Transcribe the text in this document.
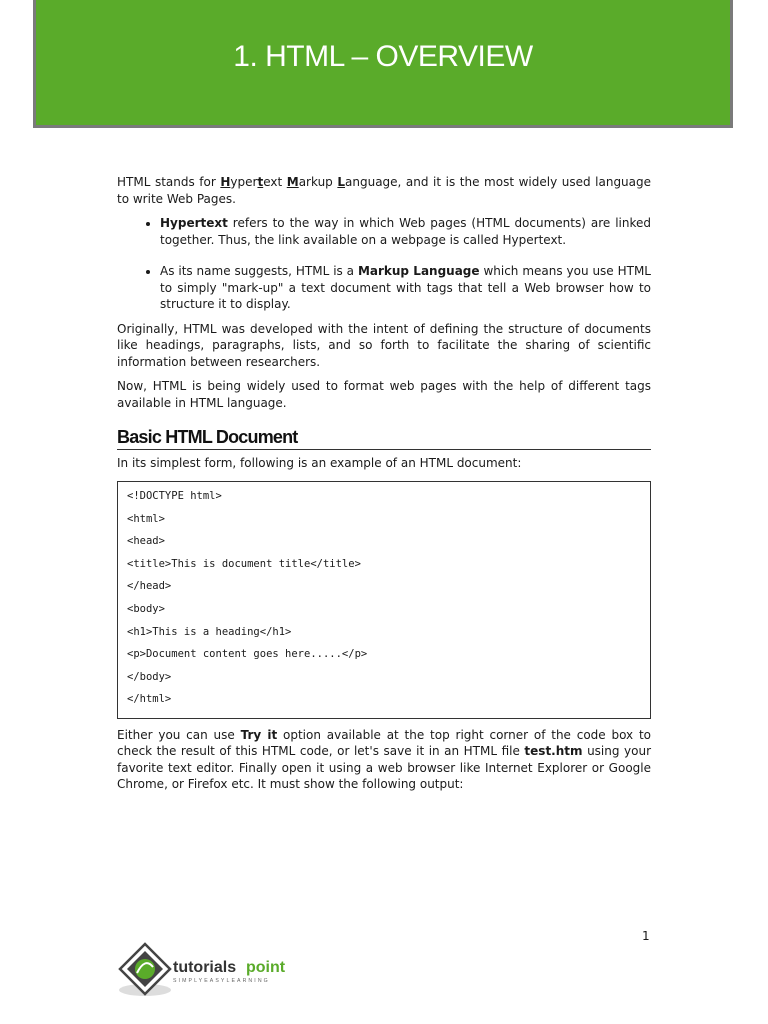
1. HTML – OVERVIEW

HTML stands for Hypertext Markup Language, and it is the most widely used language to write Web Pages.

• Hypertext refers to the way in which Web pages (HTML documents) are linked together. Thus, the link available on a webpage is called Hypertext.
• As its name suggests, HTML is a Markup Language which means you use HTML to simply "mark-up" a text document with tags that tell a Web browser how to structure it to display.

Originally, HTML was developed with the intent of defining the structure of documents like headings, paragraphs, lists, and so forth to facilitate the sharing of scientific information between researchers.

Now, HTML is being widely used to format web pages with the help of different tags available in HTML language.

Basic HTML Document

In its simplest form, following is an example of an HTML document:

<!DOCTYPE html>
<html>
<head>
<title>This is document title</title>
</head>
<body>
<h1>This is a heading</h1>
<p>Document content goes here.....</p>
</body>
</html>

Either you can use Try it option available at the top right corner of the code box to check the result of this HTML code, or let's save it in an HTML file test.htm using your favorite text editor. Finally open it using a web browser like Internet Explorer or Google Chrome, or Firefox etc. It must show the following output:

1
tutorials point
SIMPLYEASYLEARNING
